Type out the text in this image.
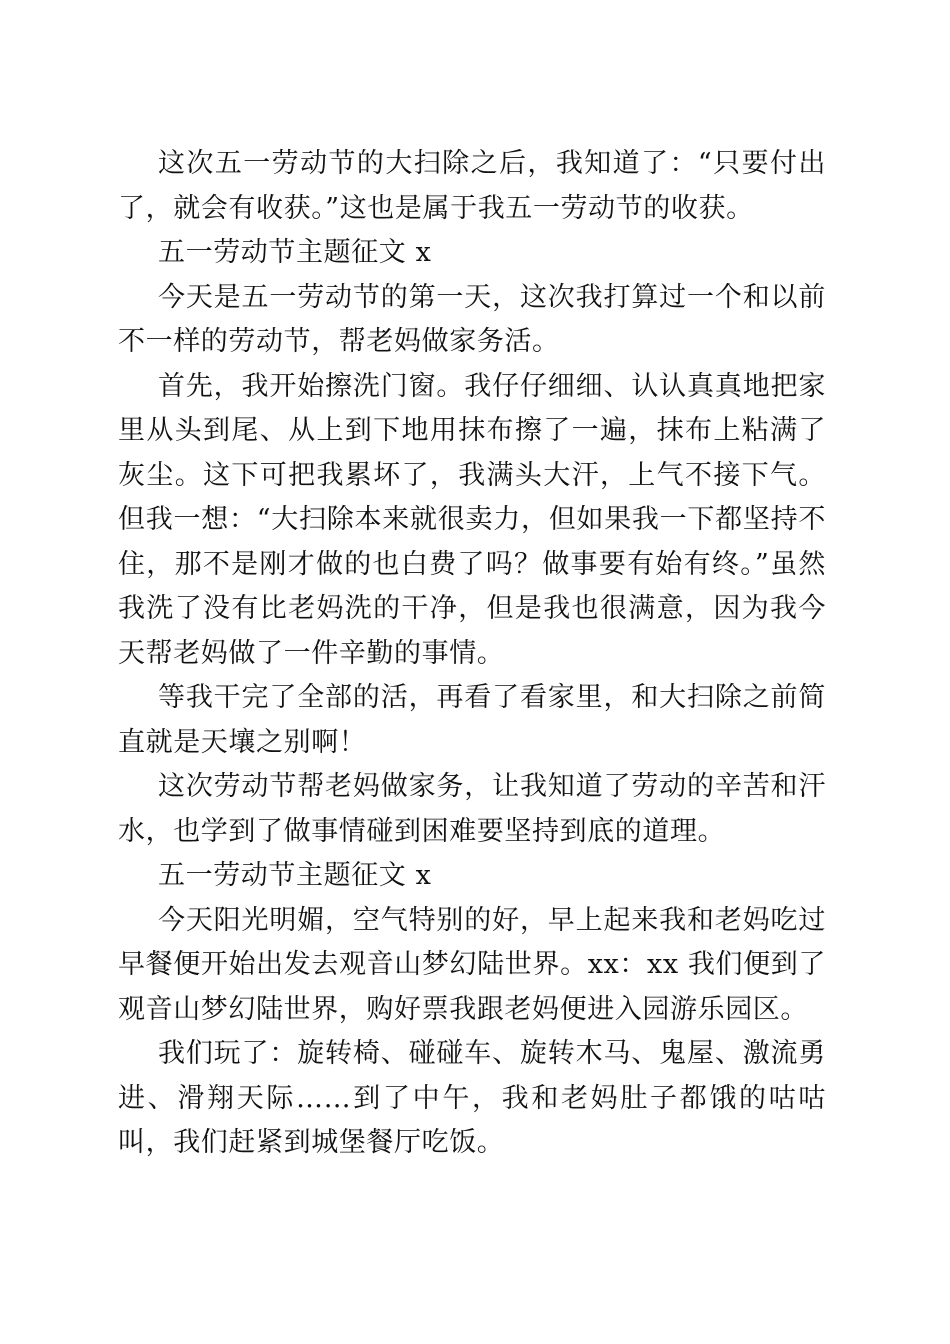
这次五一劳动节的大扫除之后，我知道了：“只要付出了，就会有收获。”这也是属于我五一劳动节的收获。

五一劳动节主题征文 x

今天是五一劳动节的第一天，这次我打算过一个和以前不一样的劳动节，帮老妈做家务活。

首先，我开始擦洗门窗。我仔仔细细、认认真真地把家里从头到尾、从上到下地用抹布擦了一遍，抹布上粘满了灰尘。这下可把我累坏了，我满头大汗，上气不接下气。但我一想：“大扫除本来就很卖力，但如果我一下都坚持不住，那不是刚才做的也白费了吗？做事要有始有终。”虽然我洗了没有比老妈洗的干净，但是我也很满意，因为我今天帮老妈做了一件辛勤的事情。

等我干完了全部的活，再看了看家里，和大扫除之前简直就是天壤之别啊！

这次劳动节帮老妈做家务，让我知道了劳动的辛苦和汗水，也学到了做事情碰到困难要坚持到底的道理。

五一劳动节主题征文 x

今天阳光明媚，空气特别的好，早上起来我和老妈吃过早餐便开始出发去观音山梦幻陆世界。xx：xx 我们便到了观音山梦幻陆世界，购好票我跟老妈便进入园游乐园区。

我们玩了：旋转椅、碰碰车、旋转木马、鬼屋、激流勇进、滑翔天际……到了中午，我和老妈肚子都饿的咕咕叫，我们赶紧到城堡餐厅吃饭。
